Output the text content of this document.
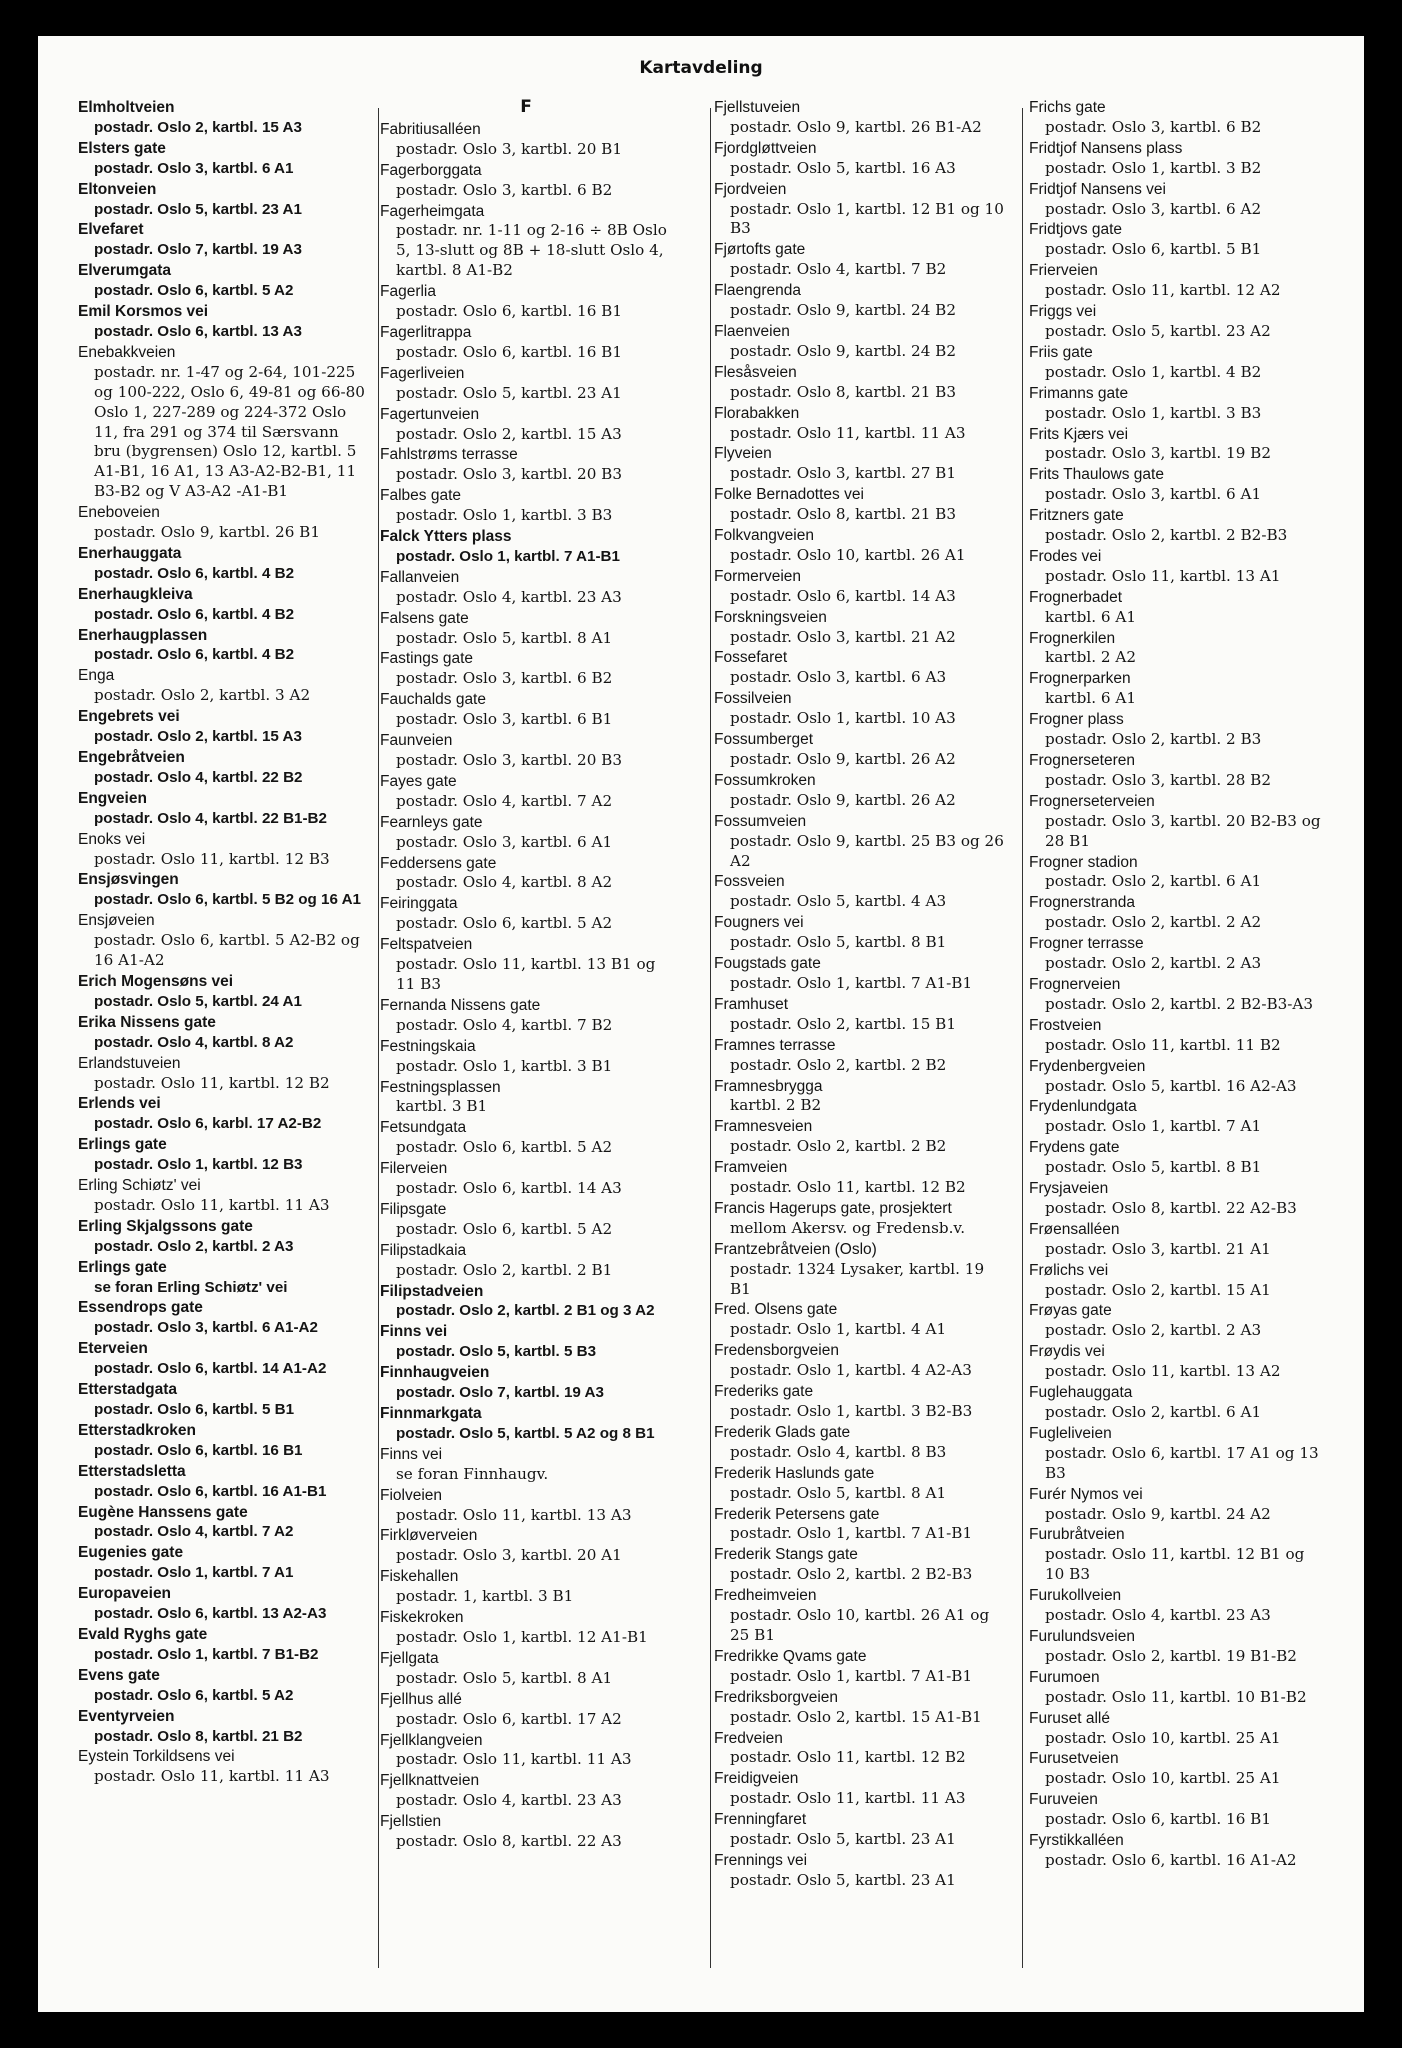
Kartavdeling
Elmholtveien
postadr. Oslo 2, kartbl. 15 A3
Elsters gate
postadr. Oslo 3, kartbl. 6 A1
Eltonveien
postadr. Oslo 5, kartbl. 23 A1
Elvefaret
postadr. Oslo 7, kartbl. 19 A3
Elverumgata
postadr. Oslo 6, kartbl. 5 A2
Emil Korsmos vei
postadr. Oslo 6, kartbl. 13 A3
Enebakkveien
postadr. nr. 1-47 og 2-64, 101-225 og 100-222, Oslo 6, 49-81 og 66-80 Oslo 1, 227-289 og 224-372 Oslo 11, fra 291 og 374 til Særsvann bru (bygrensen) Oslo 12, kartbl. 5 A1-B1, 16 A1, 13 A3-A2-B2-B1, 11 B3-B2 og V A3-A2 -A1-B1
Eneboveien
postadr. Oslo 9, kartbl. 26 B1
Enerhauggata
postadr. Oslo 6, kartbl. 4 B2
Enerhaugkleiva
postadr. Oslo 6, kartbl. 4 B2
Enerhaugplassen
postadr. Oslo 6, kartbl. 4 B2
Enga
postadr. Oslo 2, kartbl. 3 A2
Engebrets vei
postadr. Oslo 2, kartbl. 15 A3
Engebråtveien
postadr. Oslo 4, kartbl. 22 B2
Engveien
postadr. Oslo 4, kartbl. 22 B1-B2
Enoks vei
postadr. Oslo 11, kartbl. 12 B3
Ensjøsvingen
postadr. Oslo 6, kartbl. 5 B2 og 16 A1
Ensjøveien
postadr. Oslo 6, kartbl. 5 A2-B2 og 16 A1-A2
Erich Mogensøns vei
postadr. Oslo 5, kartbl. 24 A1
Erika Nissens gate
postadr. Oslo 4, kartbl. 8 A2
Erlandstuveien
postadr. Oslo 11, kartbl. 12 B2
Erlends vei
postadr. Oslo 6, karbl. 17 A2-B2
Erlings gate
postadr. Oslo 1, kartbl. 12 B3
Erling Schiøtz' vei
postadr. Oslo 11, kartbl. 11 A3
Erling Skjalgssons gate
postadr. Oslo 2, kartbl. 2 A3
Erlings gate
se foran Erling Schiøtz' vei
Essendrops gate
postadr. Oslo 3, kartbl. 6 A1-A2
Eterveien
postadr. Oslo 6, kartbl. 14 A1-A2
Etterstadgata
postadr. Oslo 6, kartbl. 5 B1
Etterstadkroken
postadr. Oslo 6, kartbl. 16 B1
Etterstadsletta
postadr. Oslo 6, kartbl. 16 A1-B1
Eugène Hanssens gate
postadr. Oslo 4, kartbl. 7 A2
Eugenies gate
postadr. Oslo 1, kartbl. 7 A1
Europaveien
postadr. Oslo 6, kartbl. 13 A2-A3
Evald Ryghs gate
postadr. Oslo 1, kartbl. 7 B1-B2
Evens gate
postadr. Oslo 6, kartbl. 5 A2
Eventyrveien
postadr. Oslo 8, kartbl. 21 B2
Eystein Torkildsens vei
postadr. Oslo 11, kartbl. 11 A3
F
Fabritiusalléen
postadr. Oslo 3, kartbl. 20 B1
Fagerborggata
postadr. Oslo 3, kartbl. 6 B2
Fagerheimgata
postadr. nr. 1-11 og 2-16 ÷ 8B Oslo 5, 13-slutt og 8B + 18-slutt Oslo 4, kartbl. 8 A1-B2
Fagerlia
postadr. Oslo 6, kartbl. 16 B1
Fagerlitrappa
postadr. Oslo 6, kartbl. 16 B1
Fagerliveien
postadr. Oslo 5, kartbl. 23 A1
Fagertunveien
postadr. Oslo 2, kartbl. 15 A3
Fahlstrøms terrasse
postadr. Oslo 3, kartbl. 20 B3
Falbes gate
postadr. Oslo 1, kartbl. 3 B3
Falck Ytters plass
postadr. Oslo 1, kartbl. 7 A1-B1
Fallanveien
postadr. Oslo 4, kartbl. 23 A3
Falsens gate
postadr. Oslo 5, kartbl. 8 A1
Fastings gate
postadr. Oslo 3, kartbl. 6 B2
Fauchalds gate
postadr. Oslo 3, kartbl. 6 B1
Faunveien
postadr. Oslo 3, kartbl. 20 B3
Fayes gate
postadr. Oslo 4, kartbl. 7 A2
Fearnleys gate
postadr. Oslo 3, kartbl. 6 A1
Feddersens gate
postadr. Oslo 4, kartbl. 8 A2
Feiringgata
postadr. Oslo 6, kartbl. 5 A2
Feltspatveien
postadr. Oslo 11, kartbl. 13 B1 og 11 B3
Fernanda Nissens gate
postadr. Oslo 4, kartbl. 7 B2
Festningskaia
postadr. Oslo 1, kartbl. 3 B1
Festningsplassen
kartbl. 3 B1
Fetsundgata
postadr. Oslo 6, kartbl. 5 A2
Filerveien
postadr. Oslo 6, kartbl. 14 A3
Filipsgate
postadr. Oslo 6, kartbl. 5 A2
Filipstadkaia
postadr. Oslo 2, kartbl. 2 B1
Filipstadveien
postadr. Oslo 2, kartbl. 2 B1 og 3 A2
Finns vei
postadr. Oslo 5, kartbl. 5 B3
Finnhaugveien
postadr. Oslo 7, kartbl. 19 A3
Finnmarkgata
postadr. Oslo 5, kartbl. 5 A2 og 8 B1
Finns vei
se foran Finnhaugv.
Fiolveien
postadr. Oslo 11, kartbl. 13 A3
Firkløverveien
postadr. Oslo 3, kartbl. 20 A1
Fiskehallen
postadr. 1, kartbl. 3 B1
Fiskekroken
postadr. Oslo 1, kartbl. 12 A1-B1
Fjellgata
postadr. Oslo 5, kartbl. 8 A1
Fjellhus allé
postadr. Oslo 6, kartbl. 17 A2
Fjellklangveien
postadr. Oslo 11, kartbl. 11 A3
Fjellknattveien
postadr. Oslo 4, kartbl. 23 A3
Fjellstien
postadr. Oslo 8, kartbl. 22 A3
Fjellstuveien
postadr. Oslo 9, kartbl. 26 B1-A2
Fjordgløttveien
postadr. Oslo 5, kartbl. 16 A3
Fjordveien
postadr. Oslo 1, kartbl. 12 B1 og 10 B3
Fjørtofts gate
postadr. Oslo 4, kartbl. 7 B2
Flaengrenda
postadr. Oslo 9, kartbl. 24 B2
Flaenveien
postadr. Oslo 9, kartbl. 24 B2
Flesåsveien
postadr. Oslo 8, kartbl. 21 B3
Florabakken
postadr. Oslo 11, kartbl. 11 A3
Flyveien
postadr. Oslo 3, kartbl. 27 B1
Folke Bernadottes vei
postadr. Oslo 8, kartbl. 21 B3
Folkvangveien
postadr. Oslo 10, kartbl. 26 A1
Formerveien
postadr. Oslo 6, kartbl. 14 A3
Forskningsveien
postadr. Oslo 3, kartbl. 21 A2
Fossefaret
postadr. Oslo 3, kartbl. 6 A3
Fossilveien
postadr. Oslo 1, kartbl. 10 A3
Fossumberget
postadr. Oslo 9, kartbl. 26 A2
Fossumkroken
postadr. Oslo 9, kartbl. 26 A2
Fossumveien
postadr. Oslo 9, kartbl. 25 B3 og 26 A2
Fossveien
postadr. Oslo 5, kartbl. 4 A3
Fougners vei
postadr. Oslo 5, kartbl. 8 B1
Fougstads gate
postadr. Oslo 1, kartbl. 7 A1-B1
Framhuset
postadr. Oslo 2, kartbl. 15 B1
Framnes terrasse
postadr. Oslo 2, kartbl. 2 B2
Framnesbrygga
kartbl. 2 B2
Framnesveien
postadr. Oslo 2, kartbl. 2 B2
Framveien
postadr. Oslo 11, kartbl. 12 B2
Francis Hagerups gate, prosjektert
mellom Akersv. og Fredensb.v.
Frantzebråtveien (Oslo)
postadr. 1324 Lysaker, kartbl. 19 B1
Fred. Olsens gate
postadr. Oslo 1, kartbl. 4 A1
Fredensborgveien
postadr. Oslo 1, kartbl. 4 A2-A3
Frederiks gate
postadr. Oslo 1, kartbl. 3 B2-B3
Frederik Glads gate
postadr. Oslo 4, kartbl. 8 B3
Frederik Haslunds gate
postadr. Oslo 5, kartbl. 8 A1
Frederik Petersens gate
postadr. Oslo 1, kartbl. 7 A1-B1
Frederik Stangs gate
postadr. Oslo 2, kartbl. 2 B2-B3
Fredheimveien
postadr. Oslo 10, kartbl. 26 A1 og 25 B1
Fredrikke Qvams gate
postadr. Oslo 1, kartbl. 7 A1-B1
Fredriksborgveien
postadr. Oslo 2, kartbl. 15 A1-B1
Fredveien
postadr. Oslo 11, kartbl. 12 B2
Freidigveien
postadr. Oslo 11, kartbl. 11 A3
Frenningfaret
postadr. Oslo 5, kartbl. 23 A1
Frennings vei
postadr. Oslo 5, kartbl. 23 A1
Frichs gate
postadr. Oslo 3, kartbl. 6 B2
Fridtjof Nansens plass
postadr. Oslo 1, kartbl. 3 B2
Fridtjof Nansens vei
postadr. Oslo 3, kartbl. 6 A2
Fridtjovs gate
postadr. Oslo 6, kartbl. 5 B1
Frierveien
postadr. Oslo 11, kartbl. 12 A2
Friggs vei
postadr. Oslo 5, kartbl. 23 A2
Friis gate
postadr. Oslo 1, kartbl. 4 B2
Frimanns gate
postadr. Oslo 1, kartbl. 3 B3
Frits Kjærs vei
postadr. Oslo 3, kartbl. 19 B2
Frits Thaulows gate
postadr. Oslo 3, kartbl. 6 A1
Fritzners gate
postadr. Oslo 2, kartbl. 2 B2-B3
Frodes vei
postadr. Oslo 11, kartbl. 13 A1
Frognerbadet
kartbl. 6 A1
Frognerkilen
kartbl. 2 A2
Frognerparken
kartbl. 6 A1
Frogner plass
postadr. Oslo 2, kartbl. 2 B3
Frognerseteren
postadr. Oslo 3, kartbl. 28 B2
Frognerseterveien
postadr. Oslo 3, kartbl. 20 B2-B3 og 28 B1
Frogner stadion
postadr. Oslo 2, kartbl. 6 A1
Frognerstranda
postadr. Oslo 2, kartbl. 2 A2
Frogner terrasse
postadr. Oslo 2, kartbl. 2 A3
Frognerveien
postadr. Oslo 2, kartbl. 2 B2-B3-A3
Frostveien
postadr. Oslo 11, kartbl. 11 B2
Frydenbergveien
postadr. Oslo 5, kartbl. 16 A2-A3
Frydenlundgata
postadr. Oslo 1, kartbl. 7 A1
Frydens gate
postadr. Oslo 5, kartbl. 8 B1
Frysjaveien
postadr. Oslo 8, kartbl. 22 A2-B3
Frøensalléen
postadr. Oslo 3, kartbl. 21 A1
Frølichs vei
postadr. Oslo 2, kartbl. 15 A1
Frøyas gate
postadr. Oslo 2, kartbl. 2 A3
Frøydis vei
postadr. Oslo 11, kartbl. 13 A2
Fuglehauggata
postadr. Oslo 2, kartbl. 6 A1
Fugleliveien
postadr. Oslo 6, kartbl. 17 A1 og 13 B3
Furér Nymos vei
postadr. Oslo 9, kartbl. 24 A2
Furubråtveien
postadr. Oslo 11, kartbl. 12 B1 og 10 B3
Furukollveien
postadr. Oslo 4, kartbl. 23 A3
Furulundsveien
postadr. Oslo 2, kartbl. 19 B1-B2
Furumoen
postadr. Oslo 11, kartbl. 10 B1-B2
Furuset allé
postadr. Oslo 10, kartbl. 25 A1
Furusetveien
postadr. Oslo 10, kartbl. 25 A1
Furuveien
postadr. Oslo 6, kartbl. 16 B1
Fyrstikkalléen
postadr. Oslo 6, kartbl. 16 A1-A2
